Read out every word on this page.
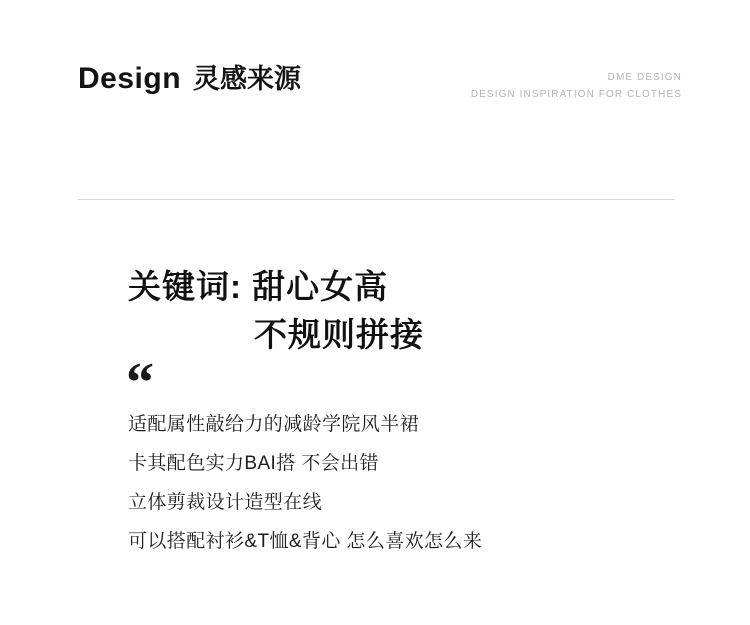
Design 灵感来源	DME DESIGN
DESIGN INSPIRATION FOR CLOTHES
关键词: 甜心女高
不规则拼接
“
适配属性敲给力的减龄学院风半裙
卡其配色实力BAI搭 不会出错
立体剪裁设计造型在线
可以搭配衬衫&T恤&背心 怎么喜欢怎么来
